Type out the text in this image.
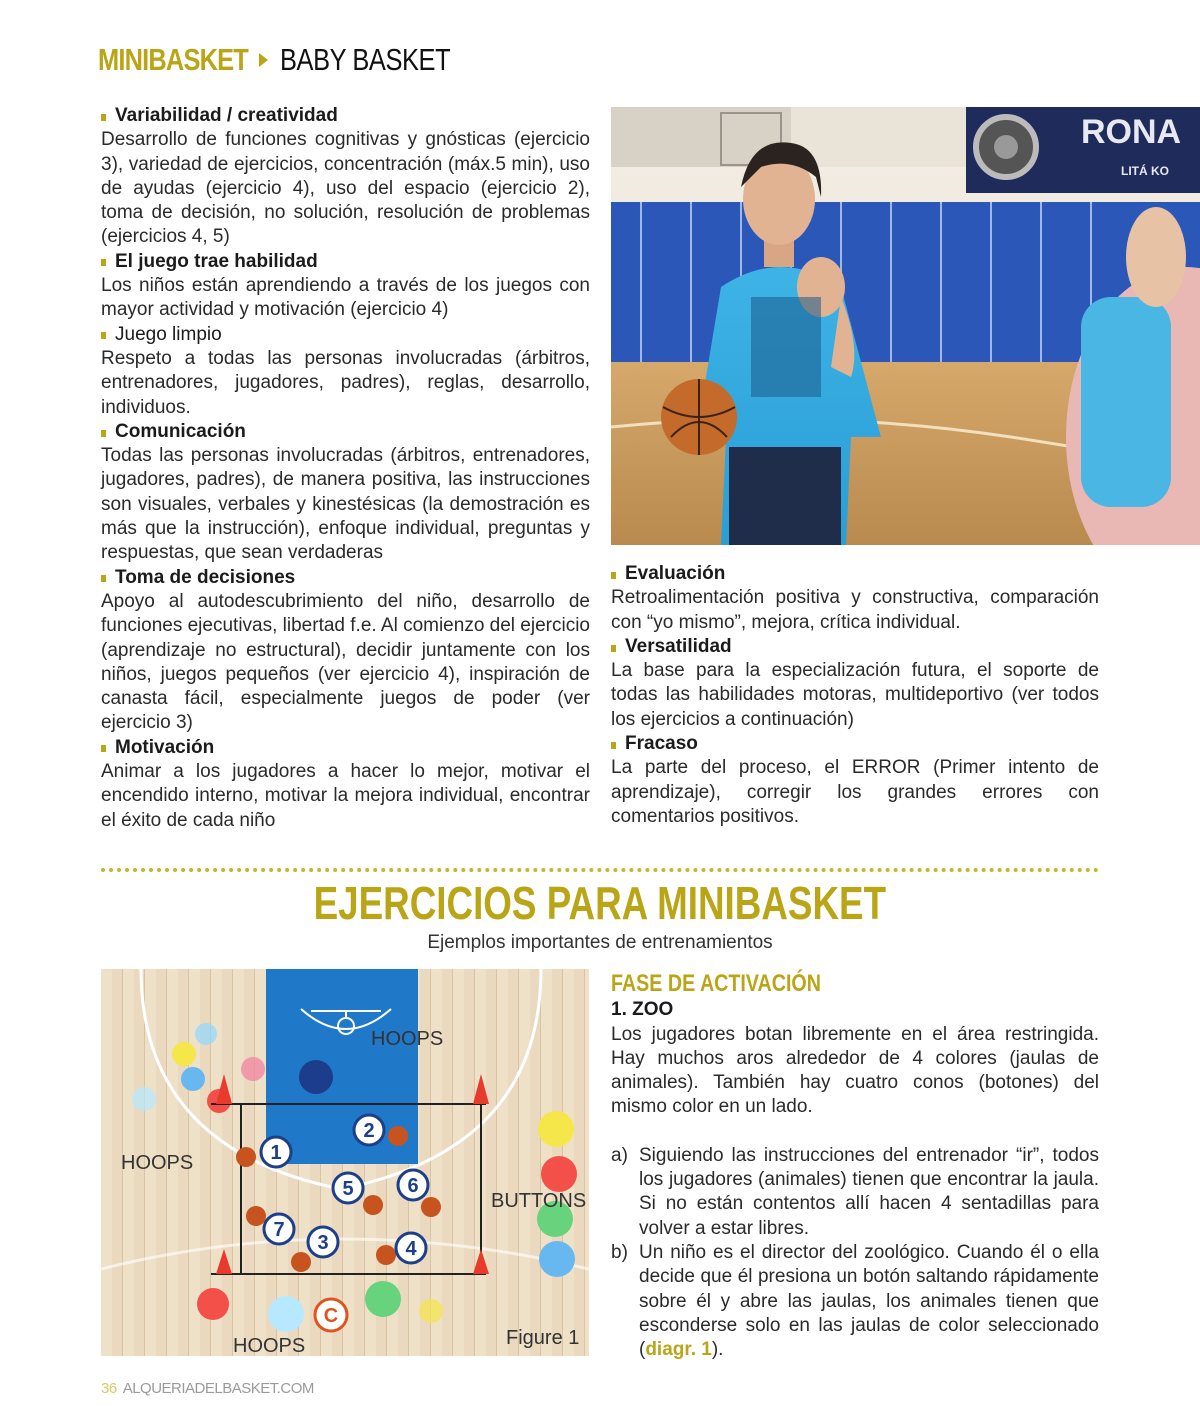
MINIBASKET BABY BASKET
Variabilidad / creatividad

Desarrollo de funciones cognitivas y gnósticas (ejercicio 3), variedad de ejercicios, concentración (máx.5 min), uso de ayudas (ejercicio 4), uso del espacio (ejercicio 2), toma de decisión, no solución, resolución de problemas (ejercicios 4, 5)

El juego trae habilidad

Los niños están aprendiendo a través de los juegos con mayor actividad y motivación (ejercicio 4)

Juego limpio

Respeto a todas las personas involucradas (árbitros, entrenadores, jugadores, padres), reglas, desarrollo, individuos.

Comunicación

Todas las personas involucradas (árbitros, entrenadores, jugadores, padres), de manera positiva, las instrucciones son visuales, verbales y kinestésicas (la demostración es más que la instrucción), enfoque individual, preguntas y respuestas, que sean verdaderas

Toma de decisiones

Apoyo al autodescubrimiento del niño, desarrollo de funciones ejecutivas, libertad f.e. Al comienzo del ejercicio (aprendizaje no estructural), decidir juntamente con los niños, juegos pequeños (ver ejercicio 4), inspiración de canasta fácil, especialmente juegos de poder (ver ejercicio 3)

Motivación

Animar a los jugadores a hacer lo mejor, motivar el encendido interno, motivar la mejora individual, encontrar el éxito de cada niño

RONA
LITÁ KO
Evaluación

Retroalimentación positiva y constructiva, comparación con “yo mismo”, mejora, crítica individual.

Versatilidad

La base para la especialización futura, el soporte de todas las habilidades motoras, multideportivo (ver todos los ejercicios a continuación)

Fracaso

La parte del proceso, el ERROR (Primer intento de aprendizaje), corregir los grandes errores con comentarios positivos.

EJERCICIOS PARA MINIBASKET
Ejemplos importantes de entrenamientos
HOOPS
HOOPS
BUTTONS
HOOPS	Figure 1
1
2
5	6
7
3	4
C
FASE DE ACTIVACIÓN
1. ZOO

Los jugadores botan libremente en el área restringida. Hay muchos aros alrededor de 4 colores (jaulas de animales). También hay cuatro conos (botones) del mismo color en un lado.

a) Siguiendo las instrucciones del entrenador “ir”, todos los jugadores (animales) tienen que encontrar la jaula. Si no están contentos allí hacen 4 sentadillas para volver a estar libres.
b) Un niño es el director del zoológico. Cuando él o ella decide que él presiona un botón saltando rápidamente sobre él y abre las jaulas, los animales tienen que esconderse solo en las jaulas de color seleccionado (diagr. 1).
36 ALQUERIADELBASKET.COM
